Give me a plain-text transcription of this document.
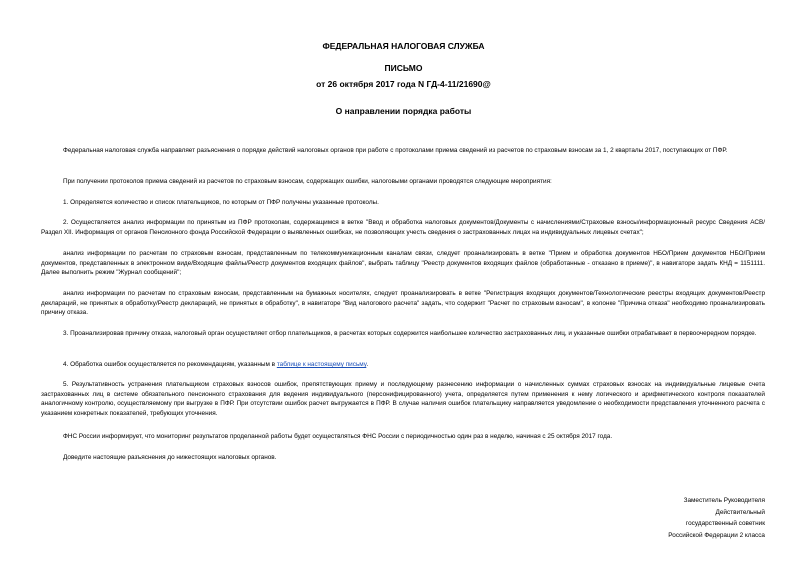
ФЕДЕРАЛЬНАЯ НАЛОГОВАЯ СЛУЖБА
ПИСЬМО
от 26 октября 2017 года N ГД-4-11/21690@
О направлении порядка работы
Федеральная налоговая служба направляет разъяснения о порядке действий налоговых органов при работе с протоколами приема сведений из расчетов по страховым взносам за 1, 2 кварталы 2017, поступающих от ПФР.
При получении протоколов приема сведений из расчетов по страховым взносам, содержащих ошибки, налоговыми органами проводятся следующие мероприятия:
1. Определяется количество и список плательщиков, по которым от ПФР получены указанные протоколы.
2. Осуществляется анализ информации по принятым из ПФР протоколам, содержащимся в ветке "Ввод и обработка налоговых документов/Документы с начислениями/Страховые взносы/информационный ресурс Сведения АСВ/Раздел XII. Информация от органов Пенсионного фонда Российской Федерации о выявленных ошибках, не позволяющих учесть сведения о застрахованных лицах на индивидуальных лицевых счетах";
анализ информации по расчетам по страховым взносам, представленным по телекоммуникационным каналам связи, следует проанализировать в ветке "Прием и обработка документов НБО/Прием документов НБО/Прием документов, представленных в электронном виде/Входящие файлы/Реестр документов входящих файлов", выбрать таблицу "Реестр документов входящих файлов (обработанные - отказано в приеме)", в навигаторе задать КНД = 1151111. Далее выполнить режим "Журнал сообщений";
анализ информации по расчетам по страховым взносам, представленным на бумажных носителях, следует проанализировать в ветке "Регистрация входящих документов/Технологические реестры входящих документов/Реестр деклараций, не принятых в обработку/Реестр деклараций, не принятых в обработку", в навигаторе "Вид налогового расчета" задать, что содержит "Расчет по страховым взносам", в колонке "Причина отказа" необходимо проанализировать причину отказа.
3. Проанализировав причину отказа, налоговый орган осуществляет отбор плательщиков, в расчетах которых содержится наибольшее количество застрахованных лиц, и указанные ошибки отрабатывает в первоочередном порядке.
4. Обработка ошибок осуществляется по рекомендациям, указанным в таблице к настоящему письму.
5. Результативность устранения плательщиком страховых взносов ошибок, препятствующих приему и последующему разнесению информации о начисленных суммах страховых взносах на индивидуальные лицевые счета застрахованных лиц в системе обязательного пенсионного страхования для ведения индивидуального (персонифицированного) учета, определяется путем применения к нему логического и арифметического контроля показателей аналогичному контролю, осуществляемому при выгрузке в ПФР. При отсутствии ошибок расчет выгружается в ПФР. В случае наличия ошибок плательщику направляется уведомление о необходимости представления уточненного расчета с указанием конкретных показателей, требующих уточнения.
ФНС России информирует, что мониторинг результатов проделанной работы будет осуществляться ФНС России с периодичностью один раз в неделю, начиная с 25 октября 2017 года.
Доведите настоящие разъяснения до нижестоящих налоговых органов.
Заместитель Руководителя
Действительный
государственный советник
Российской Федерации 2 класса
